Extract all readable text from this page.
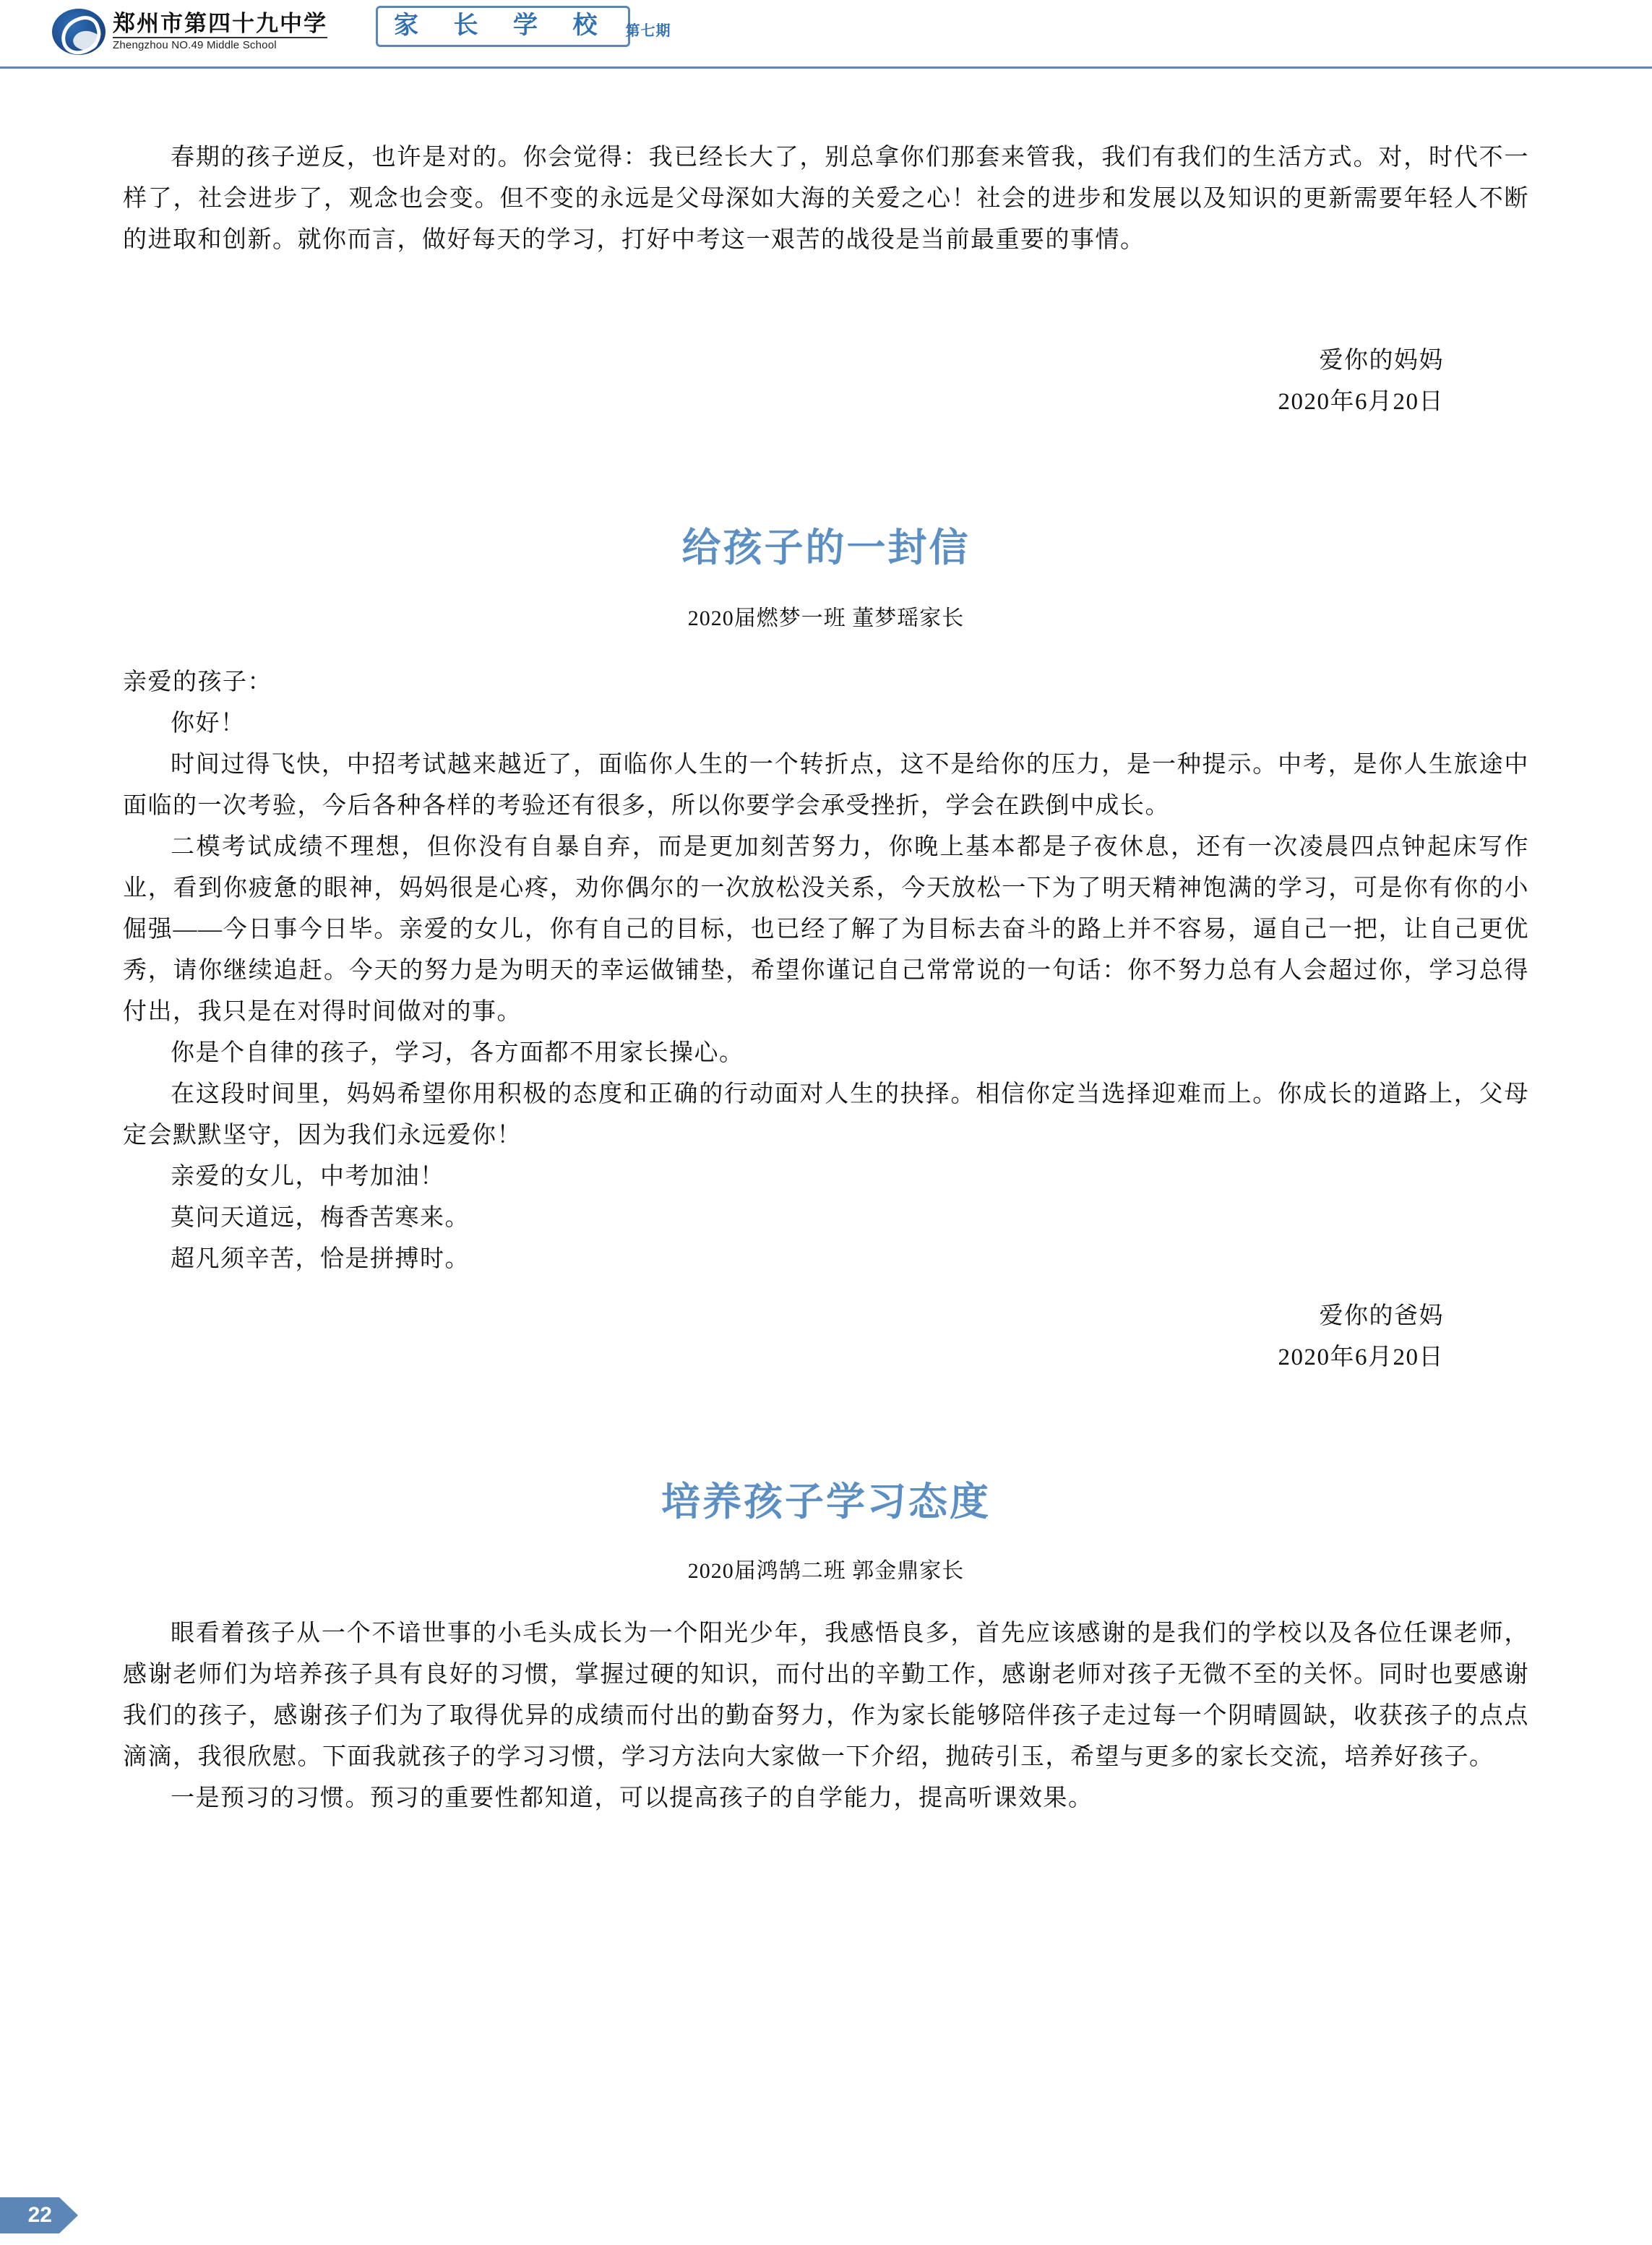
郑州市第四十九中学
Zhengzhou NO.49 Middle School
家 长 学 校 第七期

春期的孩子逆反，也许是对的。你会觉得：我已经长大了，别总拿你们那套来管我，我们有我们的生活方式。对，时代不一样了，社会进步了，观念也会变。但不变的永远是父母深如大海的关爱之心！社会的进步和发展以及知识的更新需要年轻人不断的进取和创新。就你而言，做好每天的学习，打好中考这一艰苦的战役是当前最重要的事情。

爱你的妈妈

2020年6月20日

给孩子的一封信

2020届燃梦一班 董梦瑶家长

亲爱的孩子：

你好！

时间过得飞快，中招考试越来越近了，面临你人生的一个转折点，这不是给你的压力，是一种提示。中考，是你人生旅途中面临的一次考验，今后各种各样的考验还有很多，所以你要学会承受挫折，学会在跌倒中成长。

二模考试成绩不理想，但你没有自暴自弃，而是更加刻苦努力，你晚上基本都是子夜休息，还有一次凌晨四点钟起床写作业，看到你疲惫的眼神，妈妈很是心疼，劝你偶尔的一次放松没关系，今天放松一下为了明天精神饱满的学习，可是你有你的小倔强——今日事今日毕。亲爱的女儿，你有自己的目标，也已经了解了为目标去奋斗的路上并不容易，逼自己一把，让自己更优秀，请你继续追赶。今天的努力是为明天的幸运做铺垫，希望你谨记自己常常说的一句话：你不努力总有人会超过你，学习总得付出，我只是在对得时间做对的事。

你是个自律的孩子，学习，各方面都不用家长操心。

在这段时间里，妈妈希望你用积极的态度和正确的行动面对人生的抉择。相信你定当选择迎难而上。你成长的道路上，父母定会默默坚守，因为我们永远爱你！

亲爱的女儿，中考加油！

莫问天道远，梅香苦寒来。

超凡须辛苦，恰是拼搏时。

爱你的爸妈

2020年6月20日

培养孩子学习态度

2020届鸿鹄二班 郭金鼎家长

眼看着孩子从一个不谙世事的小毛头成长为一个阳光少年，我感悟良多，首先应该感谢的是我们的学校以及各位任课老师，感谢老师们为培养孩子具有良好的习惯，掌握过硬的知识，而付出的辛勤工作，感谢老师对孩子无微不至的关怀。同时也要感谢我们的孩子，感谢孩子们为了取得优异的成绩而付出的勤奋努力，作为家长能够陪伴孩子走过每一个阴晴圆缺，收获孩子的点点滴滴，我很欣慰。下面我就孩子的学习习惯，学习方法向大家做一下介绍，抛砖引玉，希望与更多的家长交流，培养好孩子。

一是预习的习惯。预习的重要性都知道，可以提高孩子的自学能力，提高听课效果。

22
